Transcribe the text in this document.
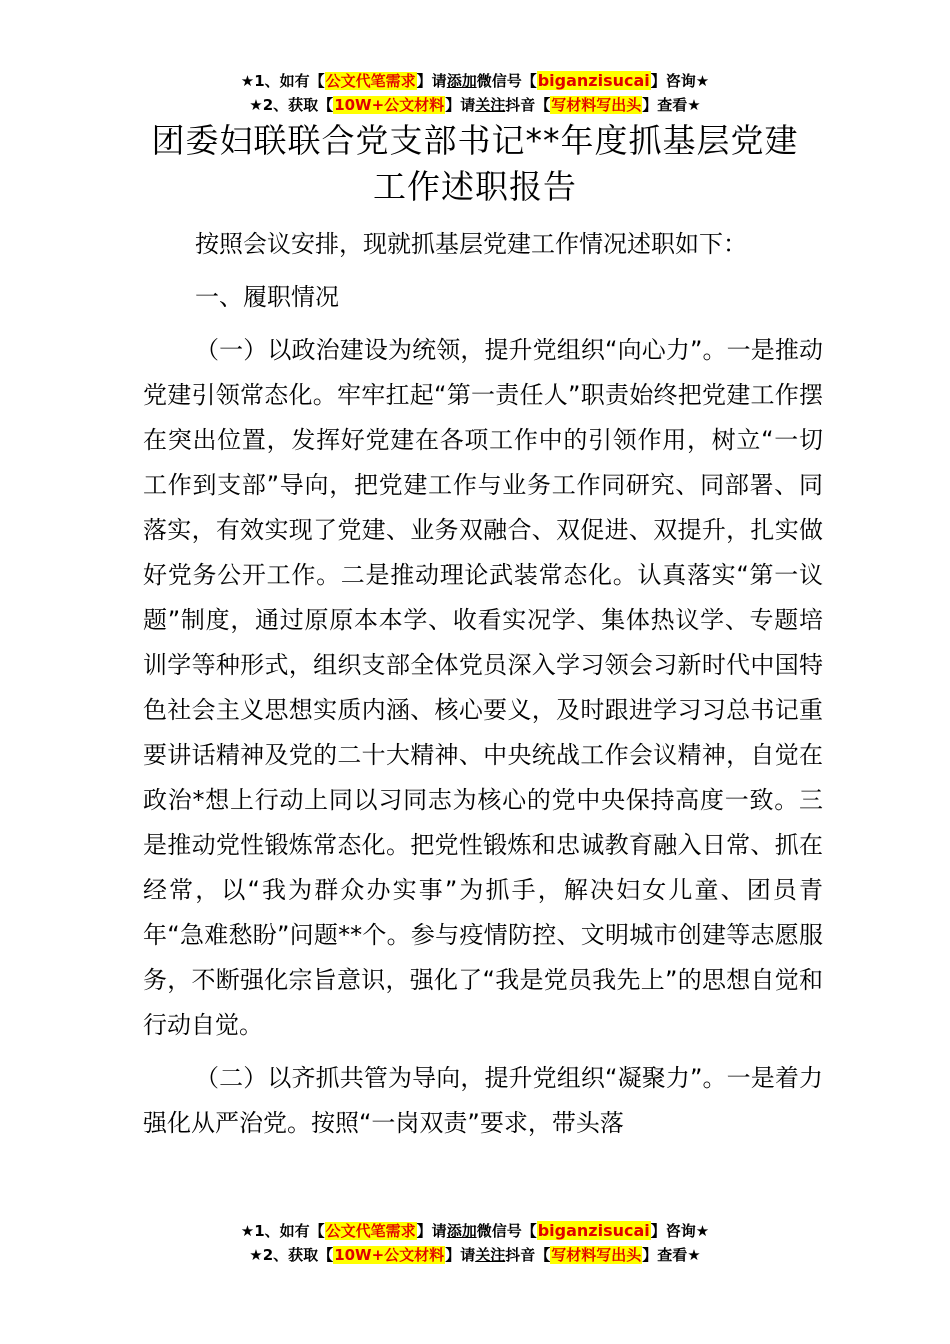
★1、如有【公文代笔需求】请添加微信号【biganzisucai】咨询★
★2、获取【10W+公文材料】请关注抖音【写材料写出头】查看★
团委妇联联合党支部书记**年度抓基层党建
工作述职报告

按照会议安排，现就抓基层党建工作情况述职如下：

一、履职情况

（一）以政治建设为统领，提升党组织“向心力”。一是推动党建引领常态化。牢牢扛起“第一责任人”职责始终把党建工作摆在突出位置，发挥好党建在各项工作中的引领作用，树立“一切工作到支部”导向，把党建工作与业务工作同研究、同部署、同落实，有效实现了党建、业务双融合、双促进、双提升，扎实做好党务公开工作。二是推动理论武装常态化。认真落实“第一议题”制度，通过原原本本学、收看实况学、集体热议学、专题培训学等种形式，组织支部全体党员深入学习领会习新时代中国特色社会主义思想实质内涵、核心要义，及时跟进学习习总书记重要讲话精神及党的二十大精神、中央统战工作会议精神，自觉在政治*想上行动上同以习同志为核心的党中央保持高度一致。三是推动党性锻炼常态化。把党性锻炼和忠诚教育融入日常、抓在经常，以“我为群众办实事”为抓手，解决妇女儿童、团员青年“急难愁盼”问题**个。参与疫情防控、文明城市创建等志愿服务，不断强化宗旨意识，强化了“我是党员我先上”的思想自觉和行动自觉。

（二）以齐抓共管为导向，提升党组织“凝聚力”。一是着力强化从严治党。按照“一岗双责”要求，带头落

★1、如有【公文代笔需求】请添加微信号【biganzisucai】咨询★
★2、获取【10W+公文材料】请关注抖音【写材料写出头】查看★
